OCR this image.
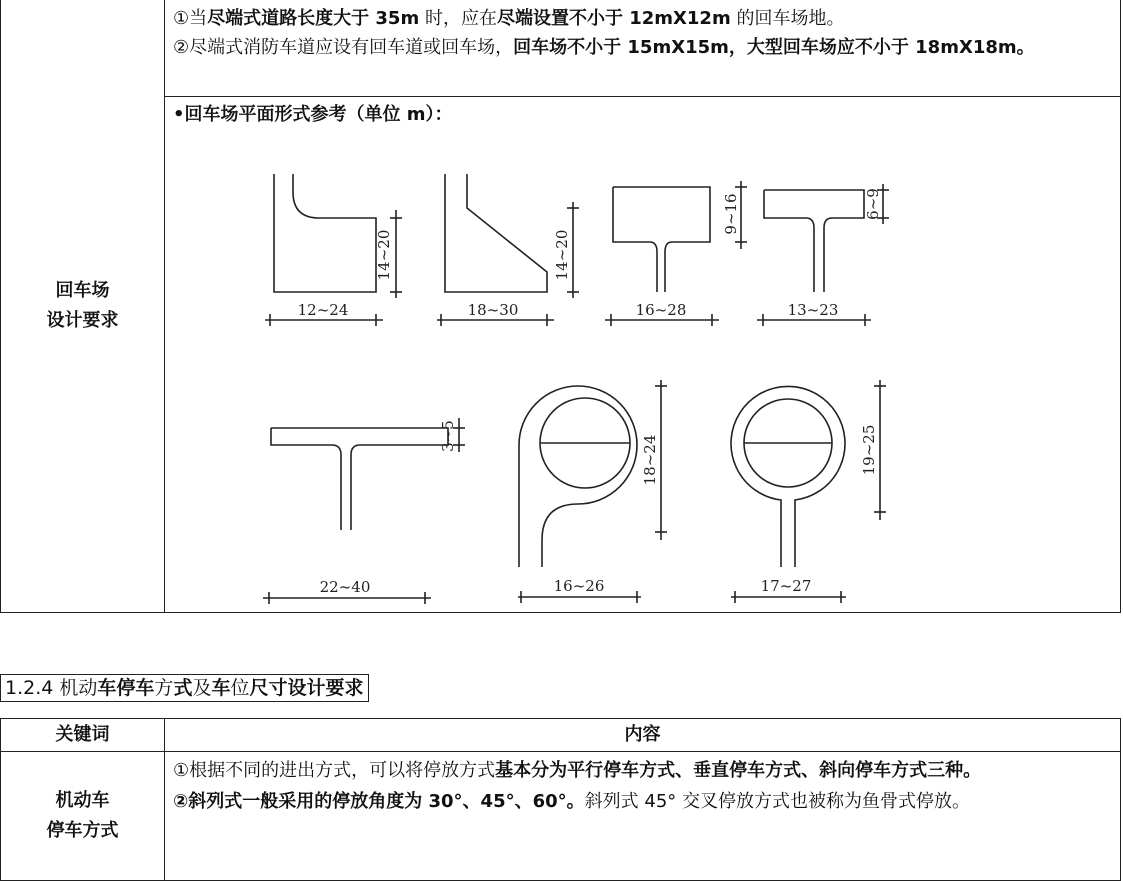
回车场
设计要求
①当尽端式道路长度大于 35m 时，应在尽端设置不小于 12mX12m 的回车场地。
②尽端式消防车道应设有回车道或回车场，回车场不小于 15mX15m，大型回车场应不小于 18mX18m。
•回车场平面形式参考（单位 m）：
12~24
14~20
18~30
14~20
16~28
9~16
13~23
6~9
22~40
3~5
16~26
18~24
17~27
19~25
1.2.4 机动车停车方式及车位尺寸设计要求
关键词	内容
机动车
停车方式
①根据不同的进出方式，可以将停放方式基本分为平行停车方式、垂直停车方式、斜向停车方式三种。
②斜列式一般采用的停放角度为 30°、45°、60°。斜列式 45° 交叉停放方式也被称为鱼骨式停放。
